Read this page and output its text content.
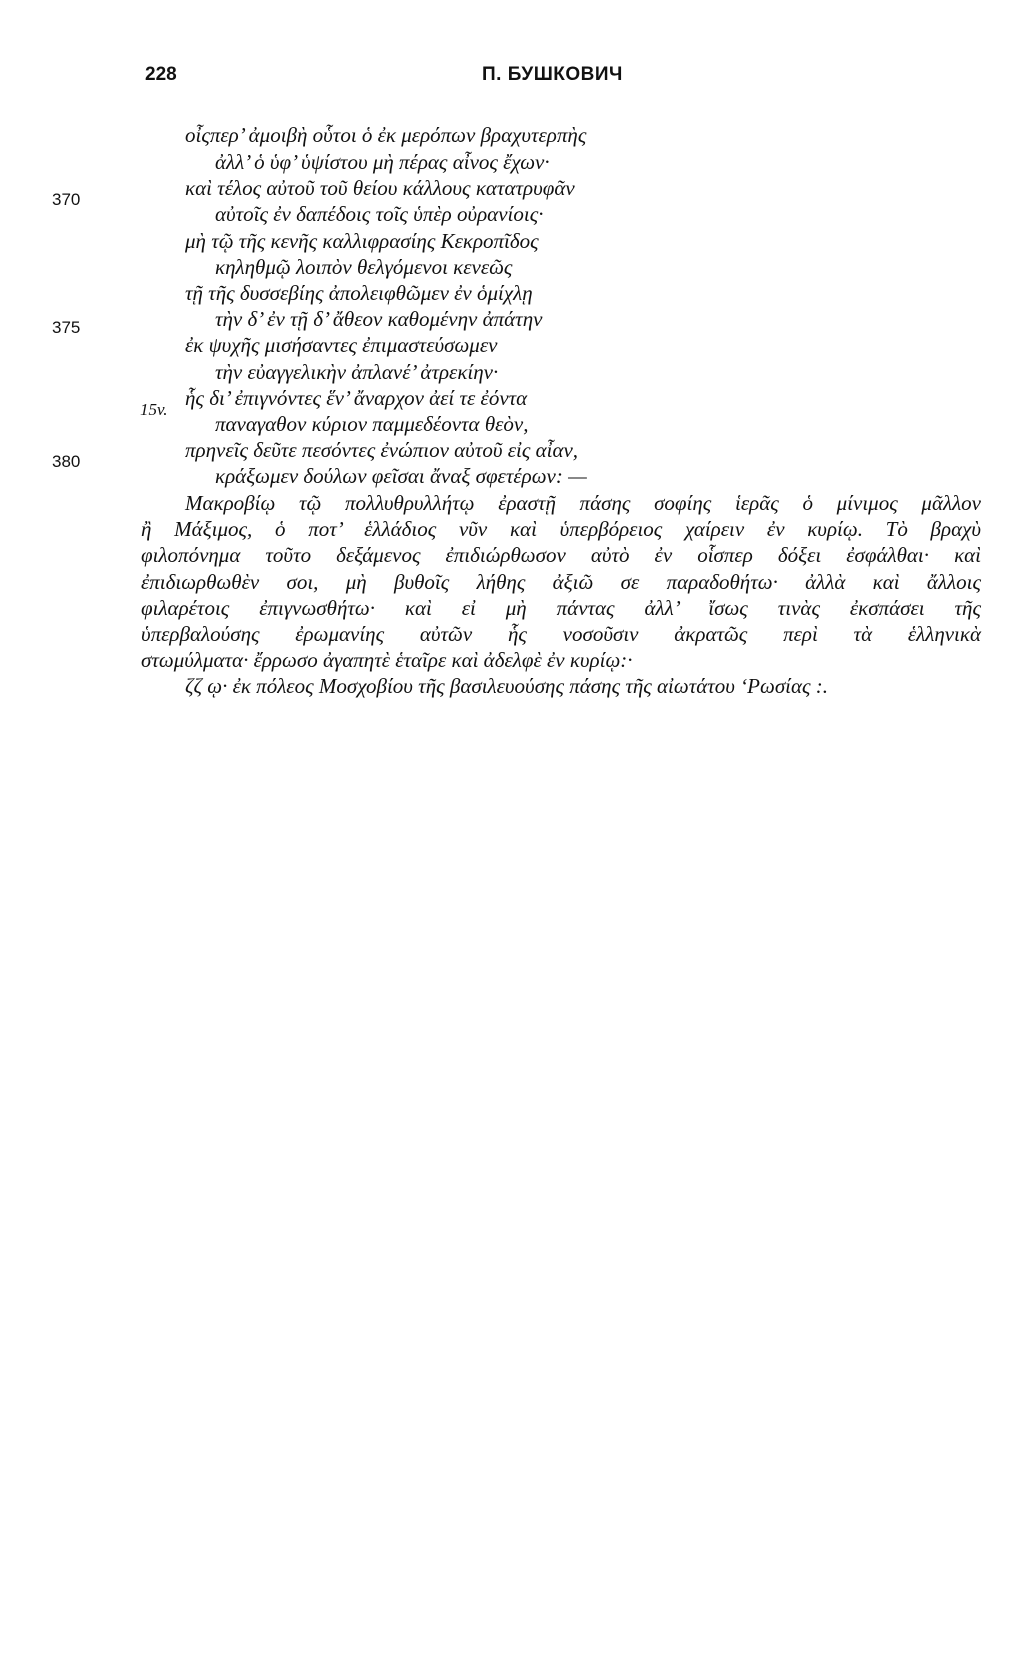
228	П. БУШКОВИЧ
370
375
380
15v.
οἶςπερ’ ἀμοιβὴ οὗτοι ὁ ἐκ μερόπων βραχυτερπὴς
ἀλλ’ ὁ ὑφ’ ὑψίστου μὴ πέρας αἶνος ἔχων·
καὶ τέλος αὐτοῦ τοῦ θείου κάλλους κατατρυφᾶν
αὐτοῖς ἐν δαπέδοις τοῖς ὑπὲρ οὐρανίοις·
μὴ τῷ τῆς κενῆς καλλιφρασίης Κεκροπῖδος
κηληθμῷ λοιπὸν θελγόμενοι κενεῶς
τῇ τῆς δυσσεβίης ἀπολειφθῶμεν ἐν ὁμίχλῃ
τὴν δ’ ἐν τῇ δ’ ἄθεον καθομένην ἀπάτην
ἐκ ψυχῆς μισήσαντες ἐπιμαστεύσωμεν
τὴν εὐαγγελικὴν ἀπλανέ’ ἀτρεκίην·
ἧς δι’ ἐπιγνόντες ἕν’ ἄναρχον ἀεί τε ἐόντα
παναγαθον κύριον παμμεδέοντα θεὸν,
πρηνεῖς δεῦτε πεσόντες ἐνώπιον αὐτοῦ εἰς αἶαν,
κράξωμεν δούλων φεῖσαι ἄναξ σφετέρων: —
Μακροβίῳ τῷ πολλυθρυλλήτῳ ἐραστῇ πάσης σοφίης ἱερᾶς ὁ μίνιμος μᾶλλον
ἢ Μάξιμος, ὁ ποτ’ ἑλλάδιος νῦν καὶ ὑπερβόρειος χαίρειν ἐν κυρίῳ. Τὸ βραχὺ
φιλοπόνημα τοῦτο δεξάμενος ἐπιδιώρθωσον αὐτὸ ἐν οἷσπερ δόξει ἐσφάλθαι· καὶ
ἐπιδιωρθωθὲν σοι, μὴ βυθοῖς λήθης ἀξιῶ σε παραδοθήτω· ἀλλὰ καὶ ἄλλοις
φιλαρέτοις ἐπιγνωσθήτω· καὶ εἰ μὴ πάντας ἀλλ’ ἴσως τινὰς ἐκσπάσει τῆς
ὑπερβαλούσης ἐρωμανίης αὐτῶν ἧς νοσοῦσιν ἀκρατῶς περὶ τὰ ἑλληνικὰ
στωμύλματα· ἔρρωσο ἀγαπητὲ ἑταῖρε καὶ ἀδελφὲ ἐν κυρίῳ:·
ζζ ῳ· ἐκ πόλεος Μοσχοβίου τῆς βασιλευούσης πάσης τῆς αἰωτάτου ‘Ρωσίας :.
